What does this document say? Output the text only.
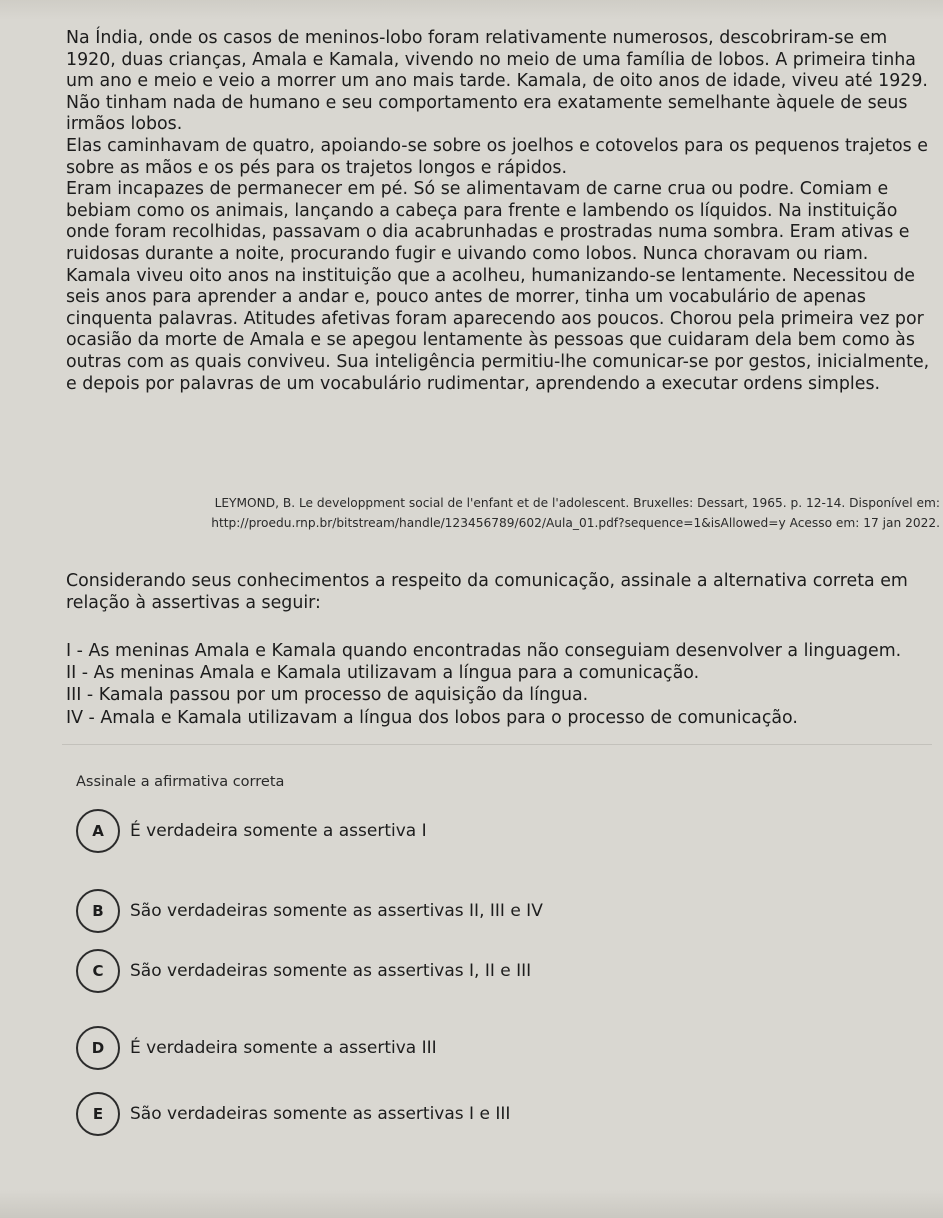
Na Índia, onde os casos de meninos-lobo foram relativamente numerosos, descobriram-se em 1920, duas crianças, Amala e Kamala, vivendo no meio de uma família de lobos. A primeira tinha um ano e meio e veio a morrer um ano mais tarde. Kamala, de oito anos de idade, viveu até 1929. Não tinham nada de humano e seu comportamento era exatamente semelhante àquele de seus irmãos lobos.

Elas caminhavam de quatro, apoiando-se sobre os joelhos e cotovelos para os pequenos trajetos e sobre as mãos e os pés para os trajetos longos e rápidos.

Eram incapazes de permanecer em pé. Só se alimentavam de carne crua ou podre. Comiam e bebiam como os animais, lançando a cabeça para frente e lambendo os líquidos. Na instituição onde foram recolhidas, passavam o dia acabrunhadas e prostradas numa sombra. Eram ativas e ruidosas durante a noite, procurando fugir e uivando como lobos. Nunca choravam ou riam. Kamala viveu oito anos na instituição que a acolheu, humanizando-se lentamente. Necessitou de seis anos para aprender a andar e, pouco antes de morrer, tinha um vocabulário de apenas cinquenta palavras. Atitudes afetivas foram aparecendo aos poucos. Chorou pela primeira vez por ocasião da morte de Amala e se apegou lentamente às pessoas que cuidaram dela bem como às outras com as quais conviveu. Sua inteligência permitiu-lhe comunicar-se por gestos, inicialmente, e depois por palavras de um vocabulário rudimentar, aprendendo a executar ordens simples.

LEYMOND, B. Le developpment social de l'enfant et de l'adolescent. Bruxelles: Dessart, 1965. p. 12-14. Disponível em:
http://proedu.rnp.br/bitstream/handle/123456789/602/Aula_01.pdf?sequence=1&isAllowed=y Acesso em: 17 jan 2022.
Considerando seus conhecimentos a respeito da comunicação, assinale a alternativa correta em relação à assertivas a seguir:
I - As meninas Amala e Kamala quando encontradas não conseguiam desenvolver a linguagem.
II - As meninas Amala e Kamala utilizavam a língua para a comunicação.
III - Kamala passou por um processo de aquisição da língua.
IV - Amala e Kamala utilizavam a língua dos lobos para o processo de comunicação.
Assinale a afirmativa correta
A	É verdadeira somente a assertiva I
B	São verdadeiras somente as assertivas II, III e IV
C	São verdadeiras somente as assertivas I, II e III
D	É verdadeira somente a assertiva III
E	São verdadeiras somente as assertivas I e III
